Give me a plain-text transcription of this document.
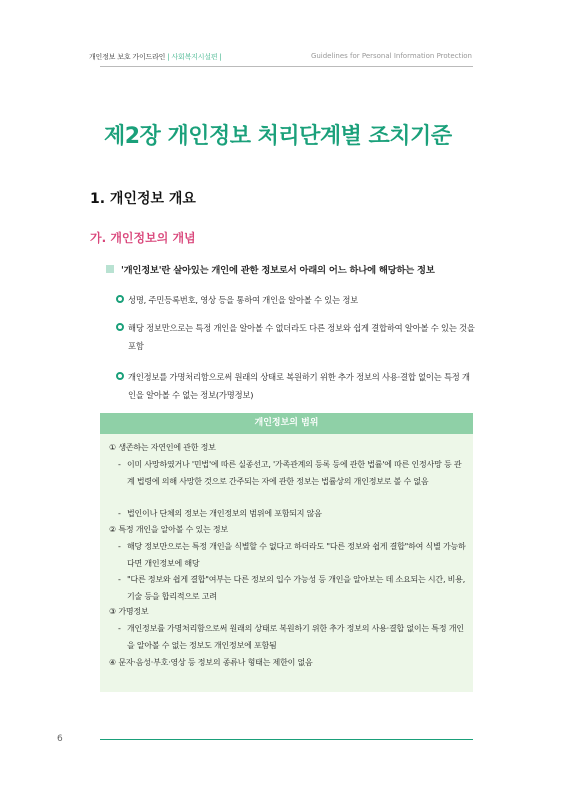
개인정보 보호 가이드라인 | 사회복지시설편 |	Guidelines for Personal Information Protection
제2장 개인정보 처리단계별 조치기준
1. 개인정보 개요
가. 개인정보의 개념
'개인정보'란 살아있는 개인에 관한 정보로서 아래의 어느 하나에 해당하는 정보
성명, 주민등록번호, 영상 등을 통하여 개인을 알아볼 수 있는 정보
해당 정보만으로는 특정 개인을 알아볼 수 없더라도 다른 정보와 쉽게 결합하여 알아볼 수 있는 것을 포함
개인정보를 가명처리함으로써 원래의 상태로 복원하기 위한 추가 정보의 사용·결합 없이는 특정 개인을 알아볼 수 없는 정보(가명정보)
개인정보의 범위
① 생존하는 자연인에 관한 정보
- 이미 사망하였거나 '민법'에 따른 실종선고, '가족관계의 등록 등에 관한 법률'에 따른 인정사망 등 관계 법령에 의해 사망한 것으로 간주되는 자에 관한 정보는 법률상의 개인정보로 볼 수 없음
- 법인이나 단체의 정보는 개인정보의 범위에 포함되지 않음
② 특정 개인을 알아볼 수 있는 정보
- 해당 정보만으로는 특정 개인을 식별할 수 없다고 하더라도 "다른 정보와 쉽게 결합"하여 식별 가능하다면 개인정보에 해당
- "다른 정보와 쉽게 결합"여부는 다른 정보의 입수 가능성 등 개인을 알아보는 데 소요되는 시간, 비용, 기술 등을 합리적으로 고려
③ 가명정보
- 개인정보를 가명처리함으로써 원래의 상태로 복원하기 위한 추가 정보의 사용·결합 없이는 특정 개인을 알아볼 수 없는 정보도 개인정보에 포함됨
④ 문자·음성·부호·영상 등 정보의 종류나 형태는 제한이 없음
6
